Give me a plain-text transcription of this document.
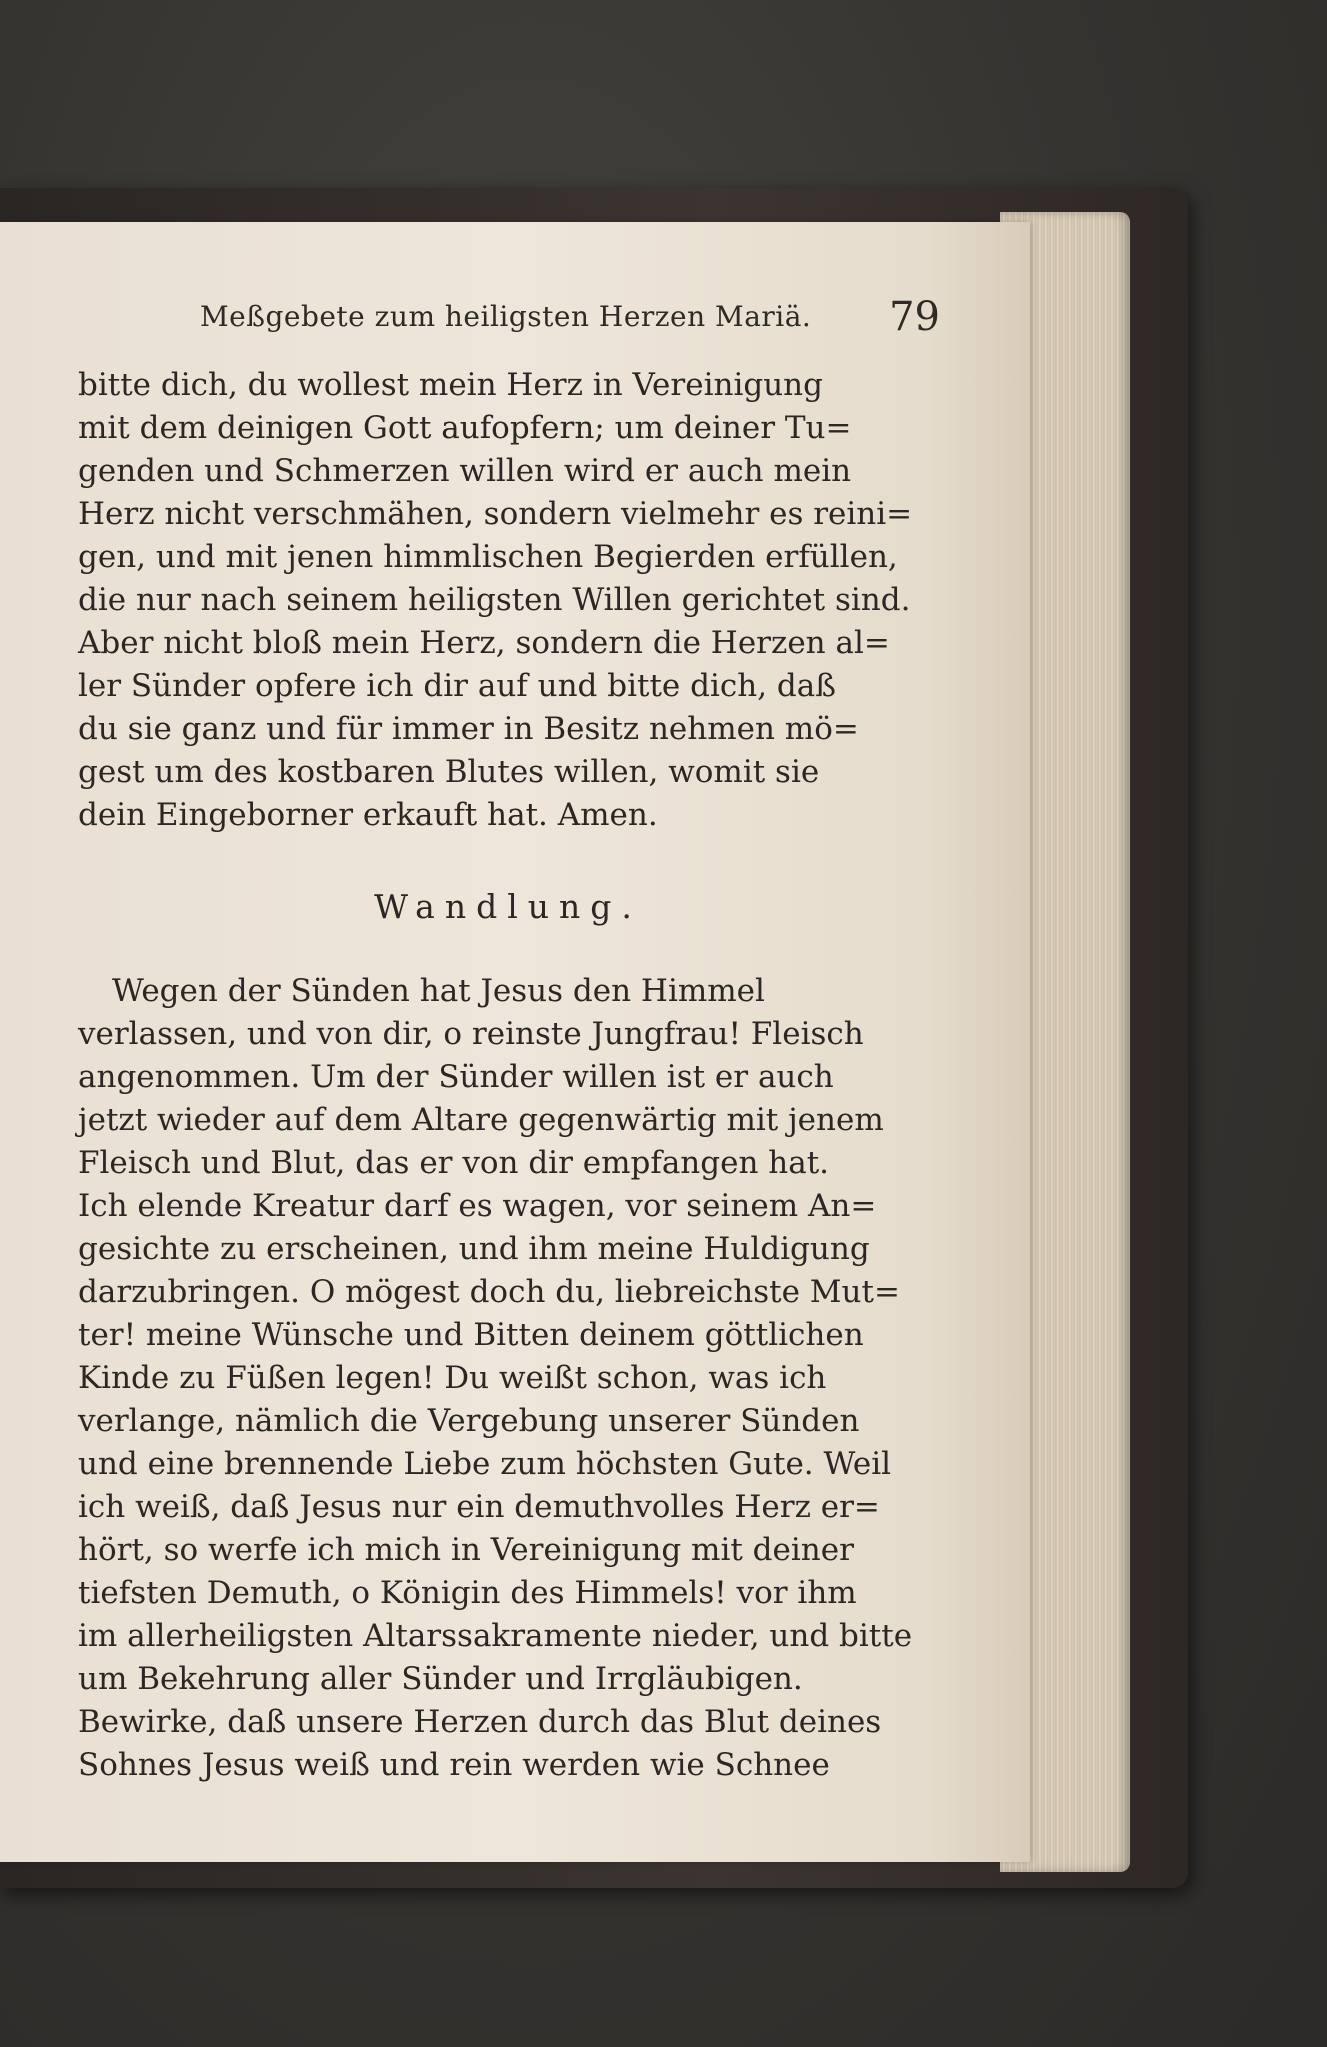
Meßgebete zum heiligsten Herzen Mariä. 79

bitte dich, du wollest mein Herz in Vereinigung
mit dem deinigen Gott aufopfern; um deiner Tu=
genden und Schmerzen willen wird er auch mein
Herz nicht verschmähen, sondern vielmehr es reini=
gen, und mit jenen himmlischen Begierden erfüllen,
die nur nach seinem heiligsten Willen gerichtet sind.
Aber nicht bloß mein Herz, sondern die Herzen al=
ler Sünder opfere ich dir auf und bitte dich, daß
du sie ganz und für immer in Besitz nehmen mö=
gest um des kostbaren Blutes willen, womit sie
dein Eingeborner erkauft hat. Amen.

Wandlung.

Wegen der Sünden hat Jesus den Himmel
verlassen, und von dir, o reinste Jungfrau! Fleisch
angenommen. Um der Sünder willen ist er auch
jetzt wieder auf dem Altare gegenwärtig mit jenem
Fleisch und Blut, das er von dir empfangen hat.
Ich elende Kreatur darf es wagen, vor seinem An=
gesichte zu erscheinen, und ihm meine Huldigung
darzubringen. O mögest doch du, liebreichste Mut=
ter! meine Wünsche und Bitten deinem göttlichen
Kinde zu Füßen legen! Du weißt schon, was ich
verlange, nämlich die Vergebung unserer Sünden
und eine brennende Liebe zum höchsten Gute. Weil
ich weiß, daß Jesus nur ein demuthvolles Herz er=
hört, so werfe ich mich in Vereinigung mit deiner
tiefsten Demuth, o Königin des Himmels! vor ihm
im allerheiligsten Altarssakramente nieder, und bitte
um Bekehrung aller Sünder und Irrgläubigen.
Bewirke, daß unsere Herzen durch das Blut deines
Sohnes Jesus weiß und rein werden wie Schnee
